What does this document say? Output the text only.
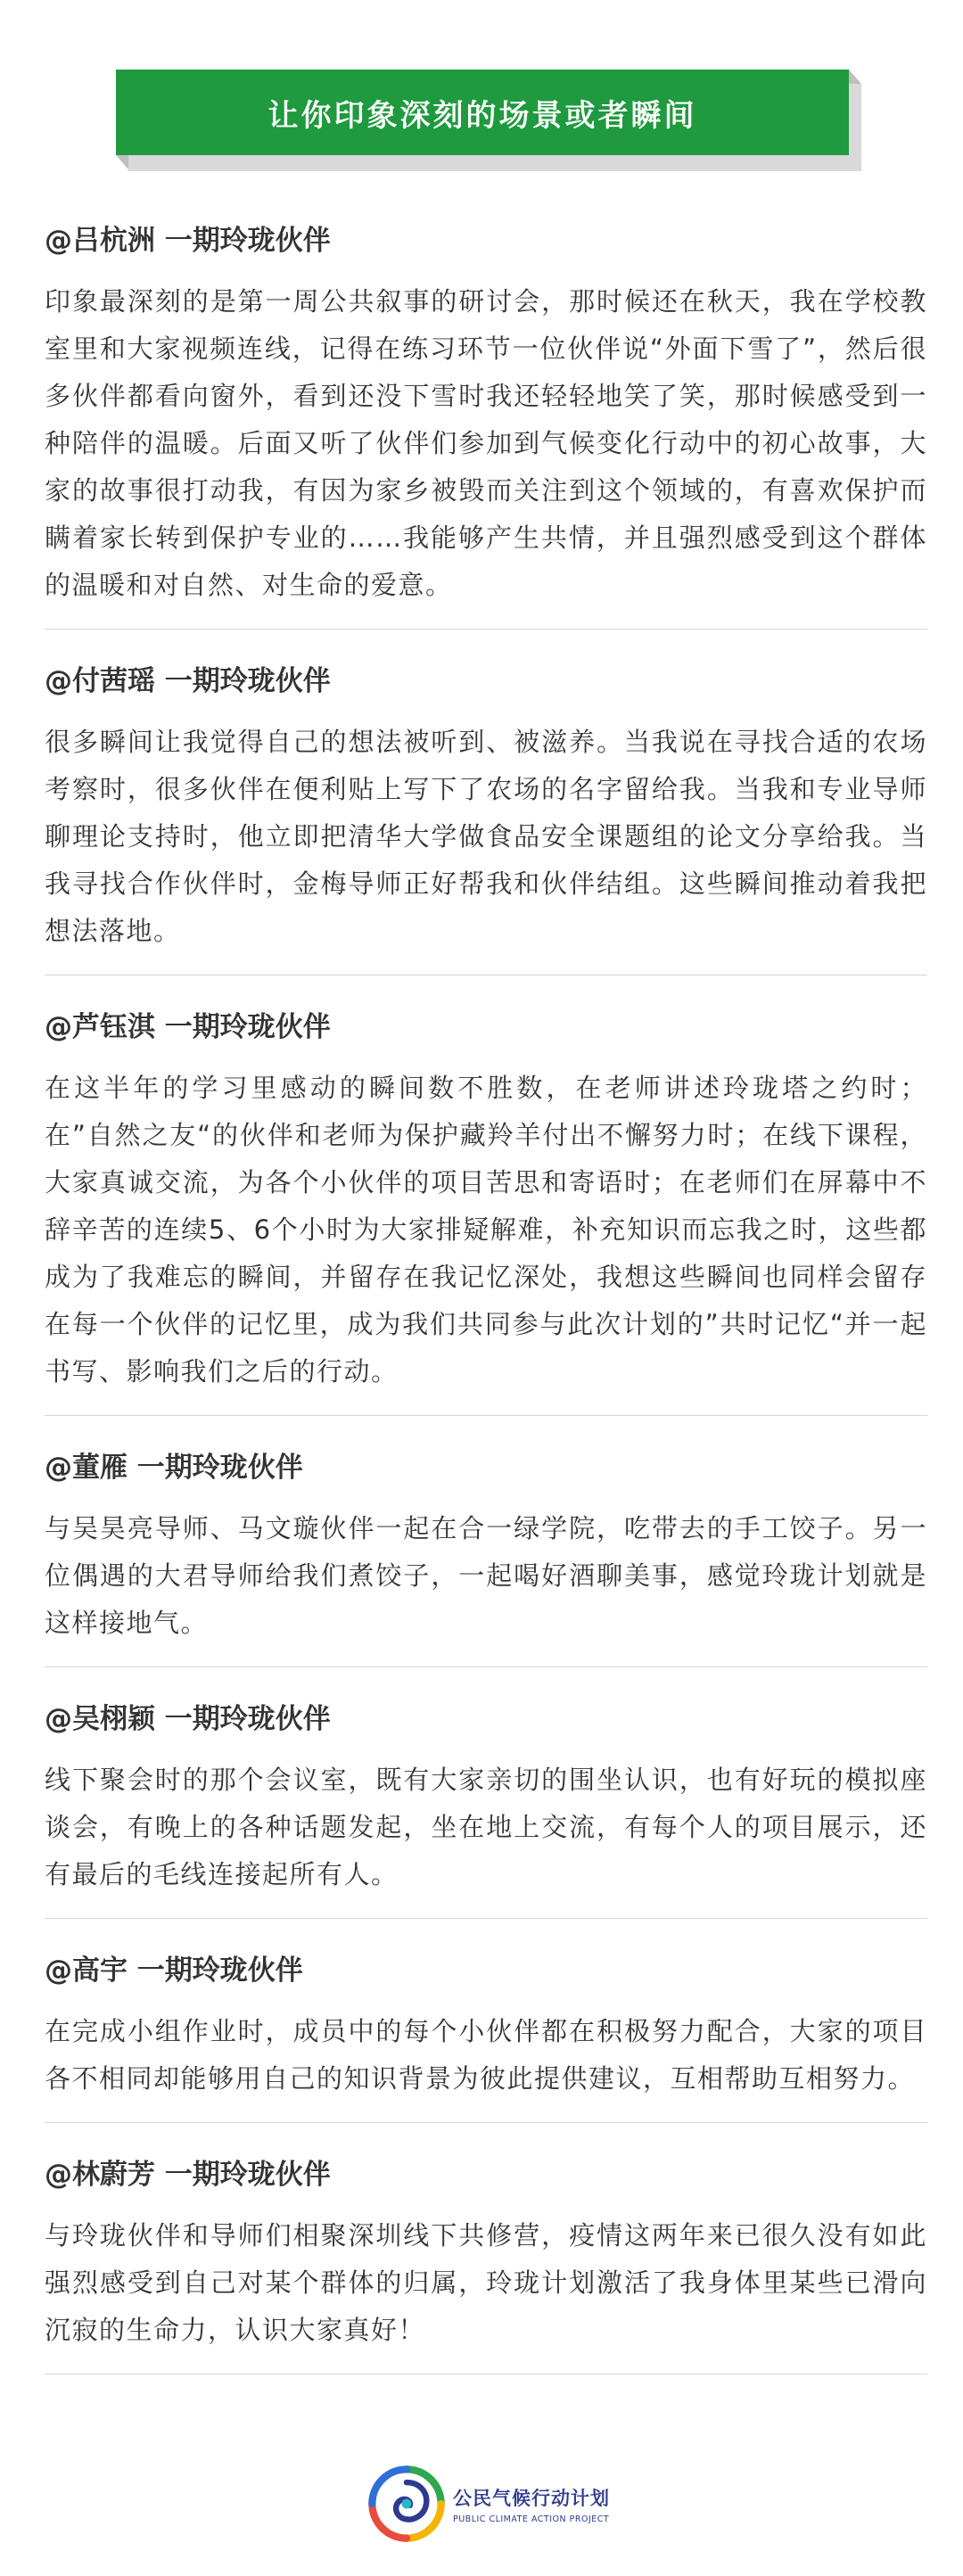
让你印象深刻的场景或者瞬间
@吕杭洲 一期玲珑伙伴

印象最深刻的是第一周公共叙事的研讨会，那时候还在秋天，我在学校教室里和大家视频连线，记得在练习环节一位伙伴说“外面下雪了”，然后很多伙伴都看向窗外，看到还没下雪时我还轻轻地笑了笑，那时候感受到一种陪伴的温暖。后面又听了伙伴们参加到气候变化行动中的初心故事，大家的故事很打动我，有因为家乡被毁而关注到这个领域的，有喜欢保护而瞒着家长转到保护专业的……我能够产生共情，并且强烈感受到这个群体的温暖和对自然、对生命的爱意。

@付茜瑶 一期玲珑伙伴

很多瞬间让我觉得自己的想法被听到、被滋养。当我说在寻找合适的农场考察时，很多伙伴在便利贴上写下了农场的名字留给我。当我和专业导师聊理论支持时，他立即把清华大学做食品安全课题组的论文分享给我。当我寻找合作伙伴时，金梅导师正好帮我和伙伴结组。这些瞬间推动着我把想法落地。

@芦钰淇 一期玲珑伙伴

在这半年的学习里感动的瞬间数不胜数，在老师讲述玲珑塔之约时；在”自然之友“的伙伴和老师为保护藏羚羊付出不懈努力时；在线下课程，大家真诚交流，为各个小伙伴的项目苦思和寄语时；在老师们在屏幕中不辞辛苦的连续5、6个小时为大家排疑解难，补充知识而忘我之时，这些都成为了我难忘的瞬间，并留存在我记忆深处，我想这些瞬间也同样会留存在每一个伙伴的记忆里，成为我们共同参与此次计划的”共时记忆“并一起书写、影响我们之后的行动。

@董雁 一期玲珑伙伴

与吴昊亮导师、马文璇伙伴一起在合一绿学院，吃带去的手工饺子。另一位偶遇的大君导师给我们煮饺子，一起喝好酒聊美事，感觉玲珑计划就是这样接地气。

@吴栩颖 一期玲珑伙伴

线下聚会时的那个会议室，既有大家亲切的围坐认识，也有好玩的模拟座谈会，有晚上的各种话题发起，坐在地上交流，有每个人的项目展示，还有最后的毛线连接起所有人。

@高宇 一期玲珑伙伴

在完成小组作业时，成员中的每个小伙伴都在积极努力配合，大家的项目各不相同却能够用自己的知识背景为彼此提供建议，互相帮助互相努力。

@林蔚芳 一期玲珑伙伴

与玲珑伙伴和导师们相聚深圳线下共修营，疫情这两年来已很久没有如此强烈感受到自己对某个群体的归属，玲珑计划激活了我身体里某些已滑向沉寂的生命力，认识大家真好！

公民气候行动计划
PUBLIC CLIMATE ACTION PROJECT
